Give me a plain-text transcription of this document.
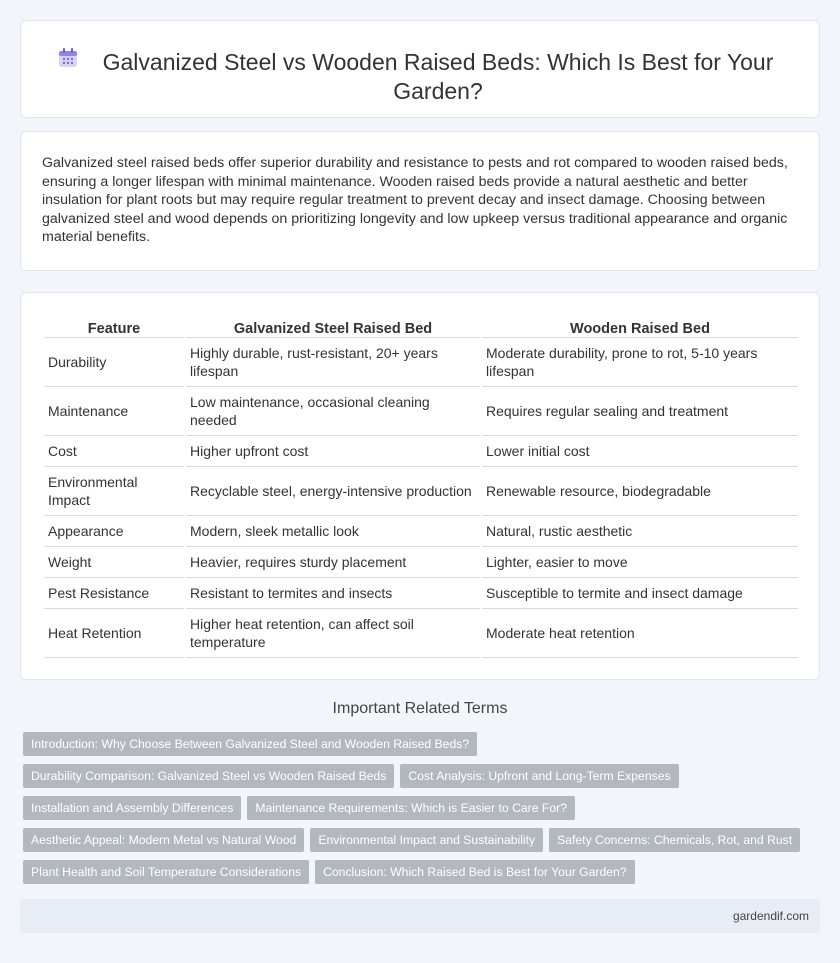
Galvanized Steel vs Wooden Raised Beds: Which Is Best for Your Garden?

Galvanized steel raised beds offer superior durability and resistance to pests and rot compared to wooden raised beds, ensuring a longer lifespan with minimal maintenance. Wooden raised beds provide a natural aesthetic and better insulation for plant roots but may require regular treatment to prevent decay and insect damage. Choosing between galvanized steel and wood depends on prioritizing longevity and low upkeep versus traditional appearance and organic material benefits.

Feature	Galvanized Steel Raised Bed	Wooden Raised Bed
Durability	Highly durable, rust-resistant, 20+ years lifespan	Moderate durability, prone to rot, 5-10 years lifespan
Maintenance	Low maintenance, occasional cleaning needed	Requires regular sealing and treatment
Cost	Higher upfront cost	Lower initial cost
Environmental Impact	Recyclable steel, energy-intensive production	Renewable resource, biodegradable
Appearance	Modern, sleek metallic look	Natural, rustic aesthetic
Weight	Heavier, requires sturdy placement	Lighter, easier to move
Pest Resistance	Resistant to termites and insects	Susceptible to termite and insect damage
Heat Retention	Higher heat retention, can affect soil temperature	Moderate heat retention
Important Related Terms
Introduction: Why Choose Between Galvanized Steel and Wooden Raised Beds?
Durability Comparison: Galvanized Steel vs Wooden Raised Beds Cost Analysis: Upfront and Long-Term Expenses
Installation and Assembly Differences Maintenance Requirements: Which is Easier to Care For?
Aesthetic Appeal: Modern Metal vs Natural Wood Environmental Impact and Sustainability Safety Concerns: Chemicals, Rot, and Rust
Plant Health and Soil Temperature Considerations Conclusion: Which Raised Bed is Best for Your Garden?
gardendif.com
